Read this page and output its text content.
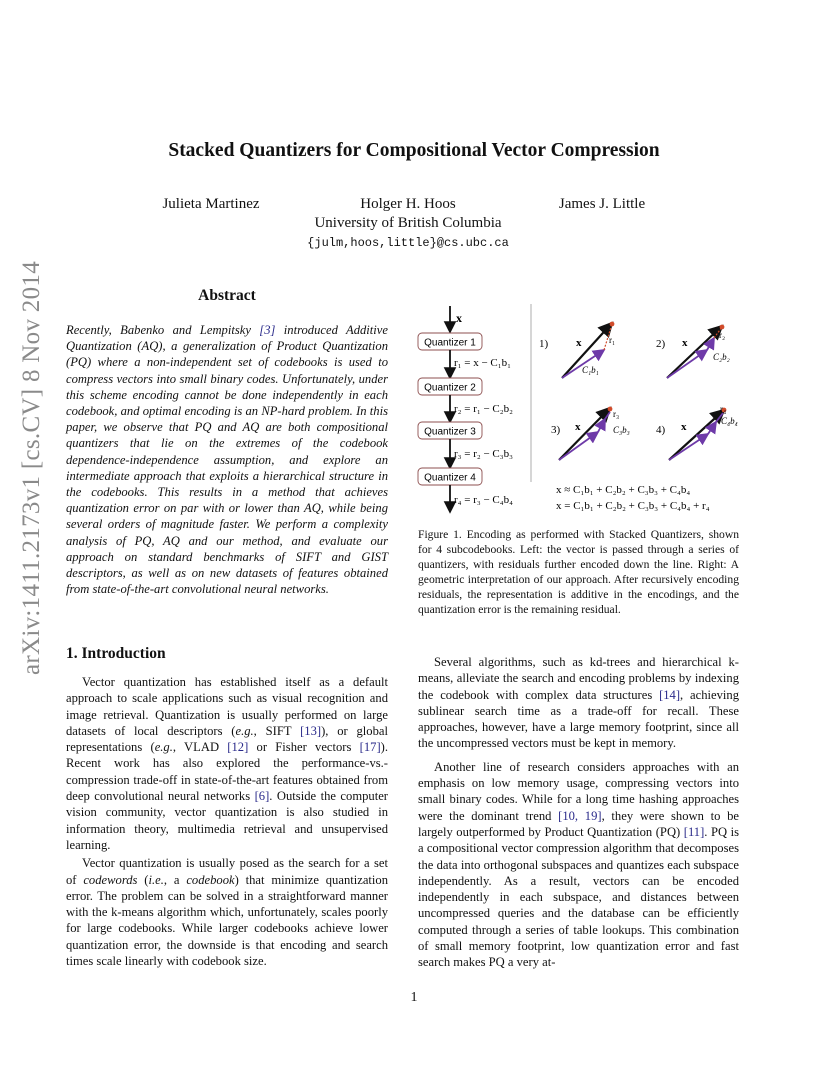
Stacked Quantizers for Compositional Vector Compression
Julieta Martinez	Holger H. Hoos	James J. Little
University of British Columbia
{julm,hoos,little}@cs.ubc.ca
arXiv:1411.2173v1 [cs.CV] 8 Nov 2014	Abstract
Recently, Babenko and Lempitsky [3] introduced Additive Quantization (AQ), a generalization of Product Quantization (PQ) where a non-independent set of codebooks is used to compress vectors into small binary codes. Unfortunately, under this scheme encoding cannot be done independently in each codebook, and optimal encoding is an NP-hard problem. In this paper, we observe that PQ and AQ are both compositional quantizers that lie on the extremes of the codebook dependence-independence assumption, and explore an intermediate approach that exploits a hierarchical structure in the codebooks. This results in a method that achieves quantization error on par with or lower than AQ, while being several orders of magnitude faster. We perform a complexity analysis of PQ, AQ and our method, and evaluate our approach on standard benchmarks of SIFT and GIST descriptors, as well as on new datasets of features obtained from state-of-the-art convolutional neural networks.
x
Quantizer 1
r₁ = x − C₁b₁
Quantizer 2
r₂ = r₁ − C₂b₂
Quantizer 3
r₃ = r₂ − C₃b₃
Quantizer 4
r₄ = r₃ − C₄b₄
1)	x	r₁
C₁b₁
2) x
r₂
C₂b₂
3) x
r₃
C₃b₃ 4) x
r₄
C₄b₄
x ≈ C₁b₁ + C₂b₂ + C₃b₃ + C₄b₄
x = C₁b₁ + C₂b₂ + C₃b₃ + C₄b₄ + r₄
Figure 1. Encoding as performed with Stacked Quantizers, shown for 4 subcodebooks. Left: the vector is passed through a series of quantizers, with residuals further encoded down the line. Right: A geometric interpretation of our approach. After recursively encoding residuals, the representation is additive in the encodings, and the quantization error is the remaining residual.
1. Introduction

Vector quantization has established itself as a default approach to scale applications such as visual recognition and image retrieval. Quantization is usually performed on large datasets of local descriptors (e.g., SIFT [13]), or global representations (e.g., VLAD [12] or Fisher vectors [17]). Recent work has also explored the performance-vs.-compression trade-off in state-of-the-art features obtained from deep convolutional neural networks [6]. Outside the computer vision community, vector quantization is also studied in information theory, multimedia retrieval and unsupervised learning.

Vector quantization is usually posed as the search for a set of codewords (i.e., a codebook) that minimize quantization error. The problem can be solved in a straightforward manner with the k-means algorithm which, unfortunately, scales poorly for large codebooks. While larger codebooks achieve lower quantization error, the downside is that encoding and search times scale linearly with codebook size.

Several algorithms, such as kd-trees and hierarchical k-means, alleviate the search and encoding problems by indexing the codebook with complex data structures [14], achieving sublinear search time as a trade-off for recall. These approaches, however, have a large memory footprint, since all the uncompressed vectors must be kept in memory.

Another line of research considers approaches with an emphasis on low memory usage, compressing vectors into small binary codes. While for a long time hashing approaches were the dominant trend [10, 19], they were shown to be largely outperformed by Product Quantization (PQ) [11]. PQ is a compositional vector compression algorithm that decomposes the data into orthogonal subspaces and quantizes each subspace independently. As a result, vectors can be encoded independently in each subspace, and distances between uncompressed queries and the database can be efficiently computed through a series of table lookups. This combination of small memory footprint, low quantization error and fast search makes PQ a very at-

1
